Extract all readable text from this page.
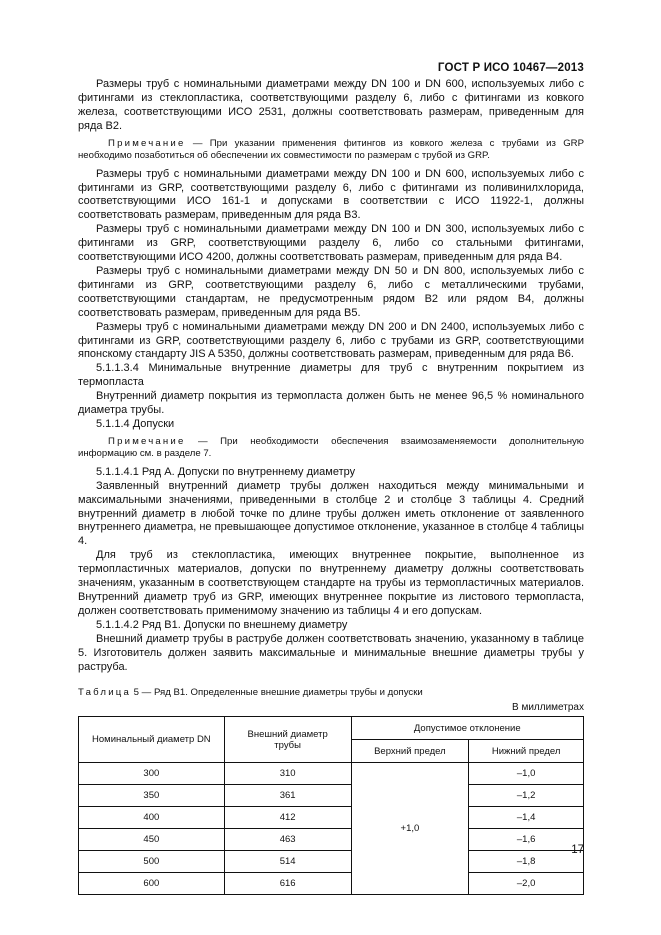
ГОСТ Р ИСО 10467—2013

Размеры труб с номинальными диаметрами между DN 100 и DN 600, используемых либо с фитингами из стеклопластика, соответствующими разделу 6, либо с фитингами из ковкого железа, соответствующими ИСО 2531, должны соответствовать размерам, приведенным для ряда В2.

Примечание — При указании применения фитингов из ковкого железа с трубами из GRP необходимо позаботиться об обеспечении их совместимости по размерам с трубой из GRP.

Размеры труб с номинальными диаметрами между DN 100 и DN 600, используемых либо с фитингами из GRP, соответствующими разделу 6, либо с фитингами из поливинилхлорида, соответствующими ИСО 161-1 и допусками в соответствии с ИСО 11922-1, должны соответствовать размерам, приведенным для ряда В3.

Размеры труб с номинальными диаметрами между DN 100 и DN 300, используемых либо с фитингами из GRP, соответствующими разделу 6, либо со стальными фитингами, соответствующими ИСО 4200, должны соответствовать размерам, приведенным для ряда В4.

Размеры труб с номинальными диаметрами между DN 50 и DN 800, используемых либо с фитингами из GRP, соответствующими разделу 6, либо с металлическими трубами, соответствующими стандартам, не предусмотренным рядом В2 или рядом В4, должны соответствовать размерам, приведенным для ряда В5.

Размеры труб с номинальными диаметрами между DN 200 и DN 2400, используемых либо с фитингами из GRP, соответствующими разделу 6, либо с трубами из GRP, соответствующими японскому стандарту JIS A 5350, должны соответствовать размерам, приведенным для ряда В6.

5.1.1.3.4 Минимальные внутренние диаметры для труб с внутренним покрытием из термопласта

Внутренний диаметр покрытия из термопласта должен быть не менее 96,5 % номинального диаметра трубы.

5.1.1.4 Допуски

Примечание — При необходимости обеспечения взаимозаменяемости дополнительную информацию см. в разделе 7.

5.1.1.4.1 Ряд А. Допуски по внутреннему диаметру

Заявленный внутренний диаметр трубы должен находиться между минимальными и максимальными значениями, приведенными в столбце 2 и столбце 3 таблицы 4. Средний внутренний диаметр в любой точке по длине трубы должен иметь отклонение от заявленного внутреннего диаметра, не превышающее допустимое отклонение, указанное в столбце 4 таблицы 4.

Для труб из стеклопластика, имеющих внутреннее покрытие, выполненное из термопластичных материалов, допуски по внутреннему диаметру должны соответствовать значениям, указанным в соответствующем стандарте на трубы из термопластичных материалов. Внутренний диаметр труб из GRP, имеющих внутреннее покрытие из листового термопласта, должен соответствовать применимому значению из таблицы 4 и его допускам.

5.1.1.4.2 Ряд В1. Допуски по внешнему диаметру

Внешний диаметр трубы в раструбе должен соответствовать значению, указанному в таблице 5. Изготовитель должен заявить максимальные и минимальные внешние диаметры трубы у раструба.

Таблица 5 — Ряд В1. Определенные внешние диаметры трубы и допуски
В миллиметрах
Номинальный диаметр DN	Внешний диаметр трубы	Допустимое отклонение	
		Верхний предел	Нижний предел
300	310	+1,0	–1,0
350	361		–1,2
400	412		–1,4
450	463		–1,6
500	514		–1,8
600	616		–2,0
17
